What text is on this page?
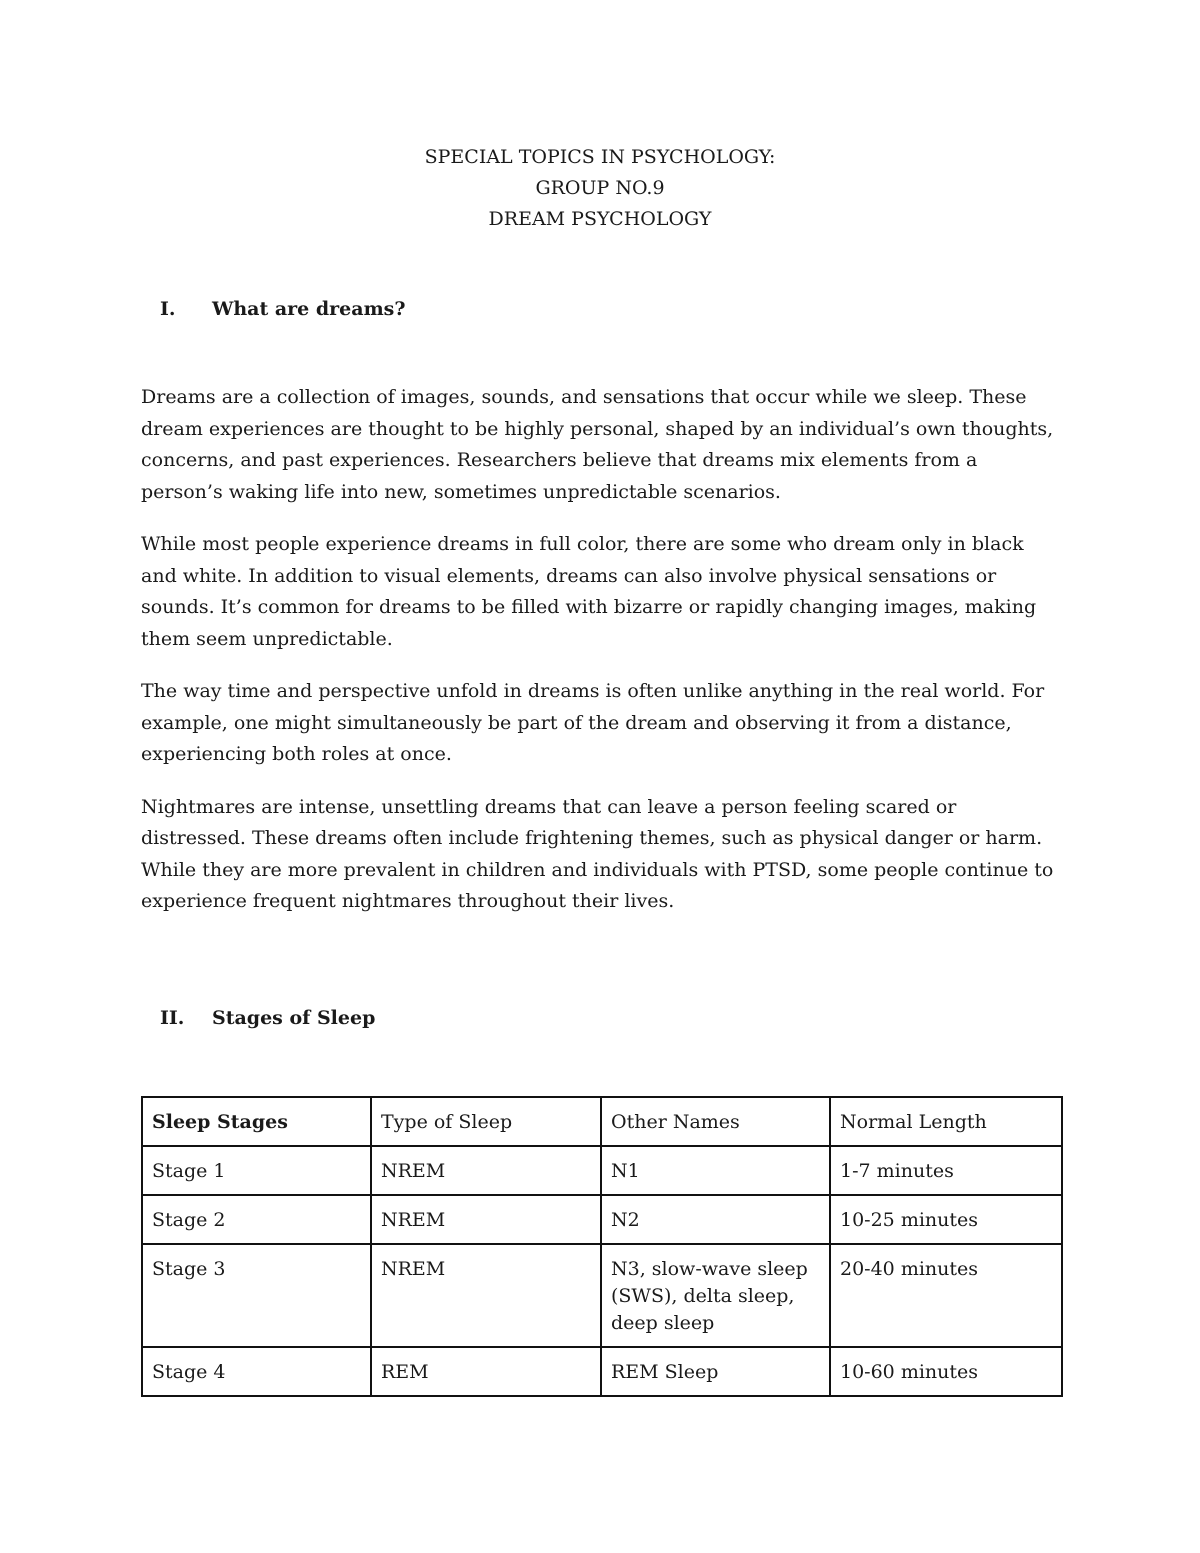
SPECIAL TOPICS IN PSYCHOLOGY:
GROUP NO.9
DREAM PSYCHOLOGY
I.	What are dreams?

Dreams are a collection of images, sounds, and sensations that occur while we sleep. These dream experiences are thought to be highly personal, shaped by an individual’s own thoughts, concerns, and past experiences. Researchers believe that dreams mix elements from a person’s waking life into new, sometimes unpredictable scenarios.

While most people experience dreams in full color, there are some who dream only in black and white. In addition to visual elements, dreams can also involve physical sensations or sounds. It’s common for dreams to be filled with bizarre or rapidly changing images, making them seem unpredictable.

The way time and perspective unfold in dreams is often unlike anything in the real world. For example, one might simultaneously be part of the dream and observing it from a distance, experiencing both roles at once.

Nightmares are intense, unsettling dreams that can leave a person feeling scared or distressed. These dreams often include frightening themes, such as physical danger or harm. While they are more prevalent in children and individuals with PTSD, some people continue to experience frequent nightmares throughout their lives.

II.	Stages of Sleep
Sleep Stages	Type of Sleep	Other Names	Normal Length
Stage 1	NREM	N1	1-7 minutes
Stage 2	NREM	N2	10-25 minutes
Stage 3	NREM	N3, slow-wave sleep (SWS), delta sleep, deep sleep	20-40 minutes
Stage 4	REM	REM Sleep	10-60 minutes
